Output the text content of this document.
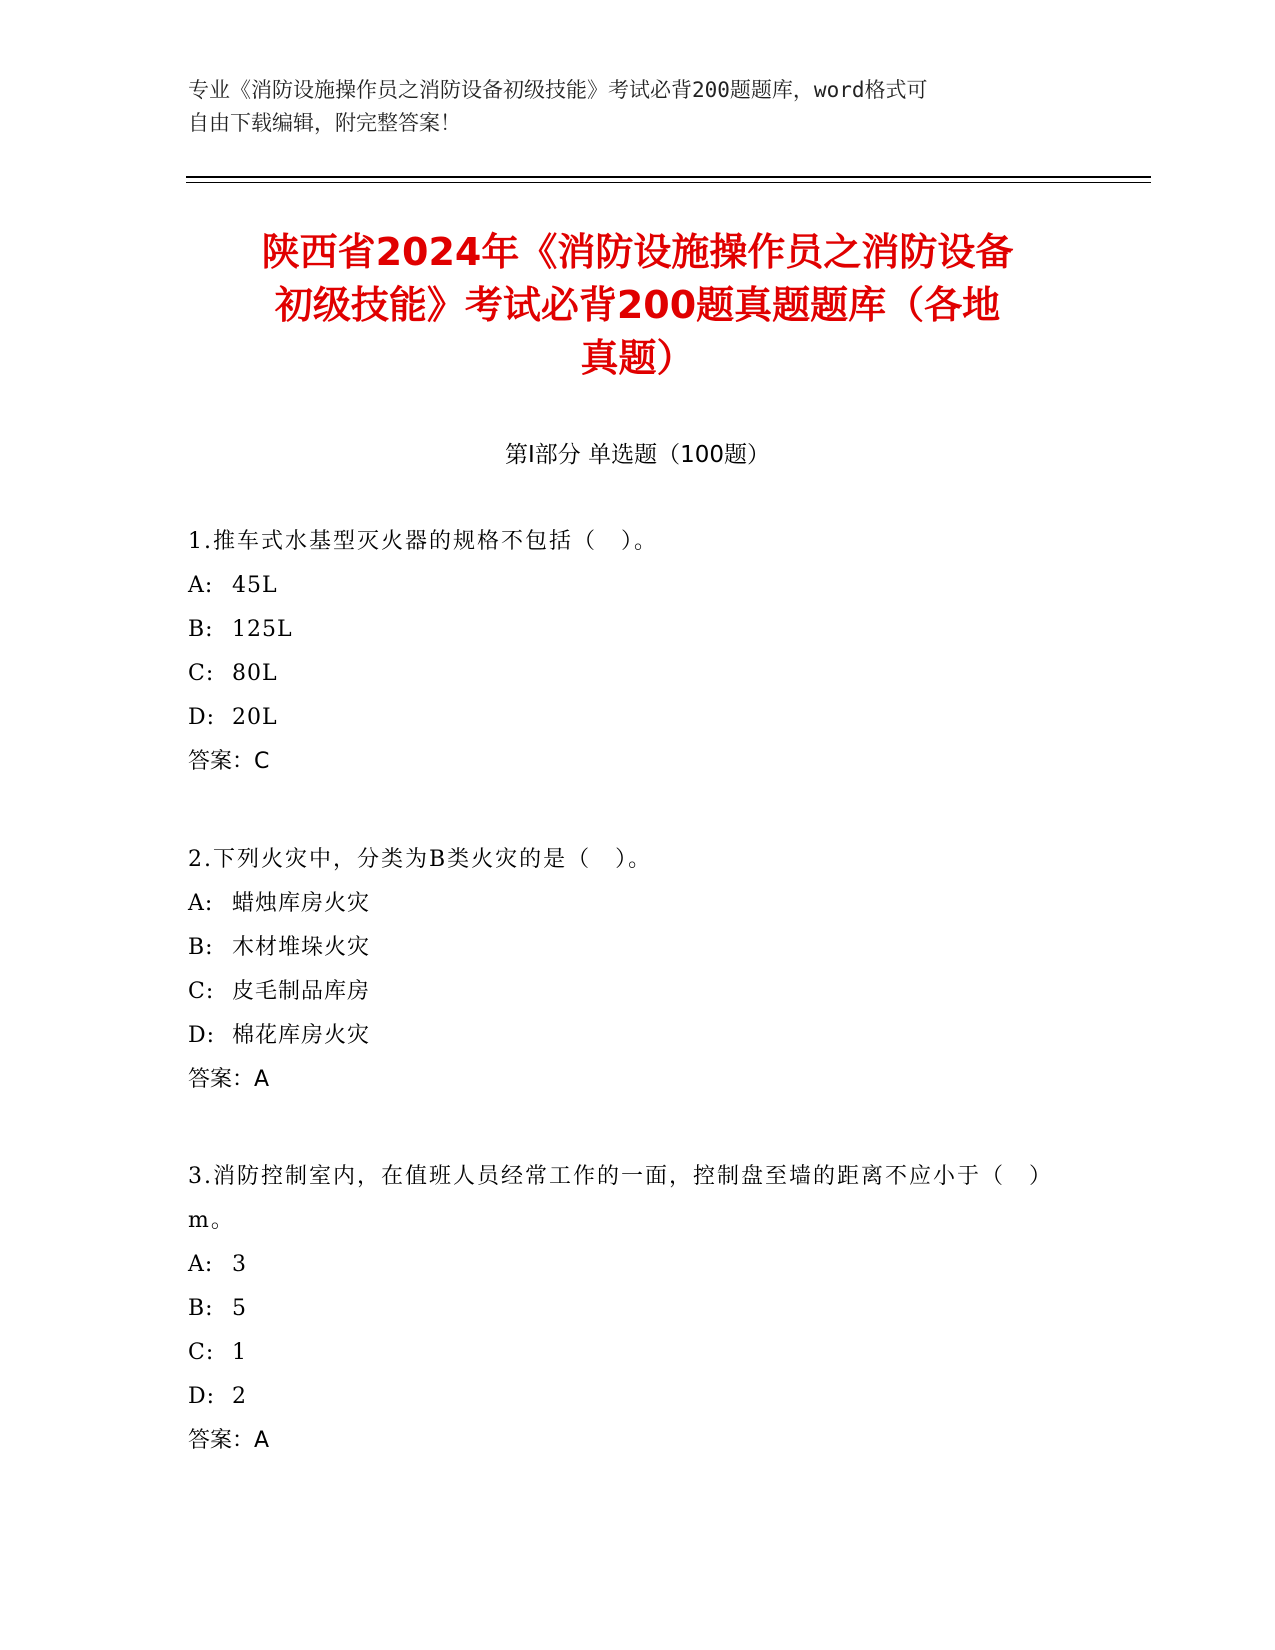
专业《消防设施操作员之消防设备初级技能》考试必背200题题库，word格式可
自由下载编辑，附完整答案！
陕西省2024年《消防设施操作员之消防设备
初级技能》考试必背200题真题题库（各地
真题）
第Ⅰ部分 单选题（100题）
1.推车式水基型灭火器的规格不包括（　）。
A: 45L
B: 125L
C: 80L
D: 20L
答案：C
2.下列火灾中，分类为B类火灾的是（　）。
A: 蜡烛库房火灾
B: 木材堆垛火灾
C: 皮毛制品库房
D: 棉花库房火灾
答案：A
3.消防控制室内，在值班人员经常工作的一面，控制盘至墙的距离不应小于（　）m。
A: 3
B: 5
C: 1
D: 2
答案：A
